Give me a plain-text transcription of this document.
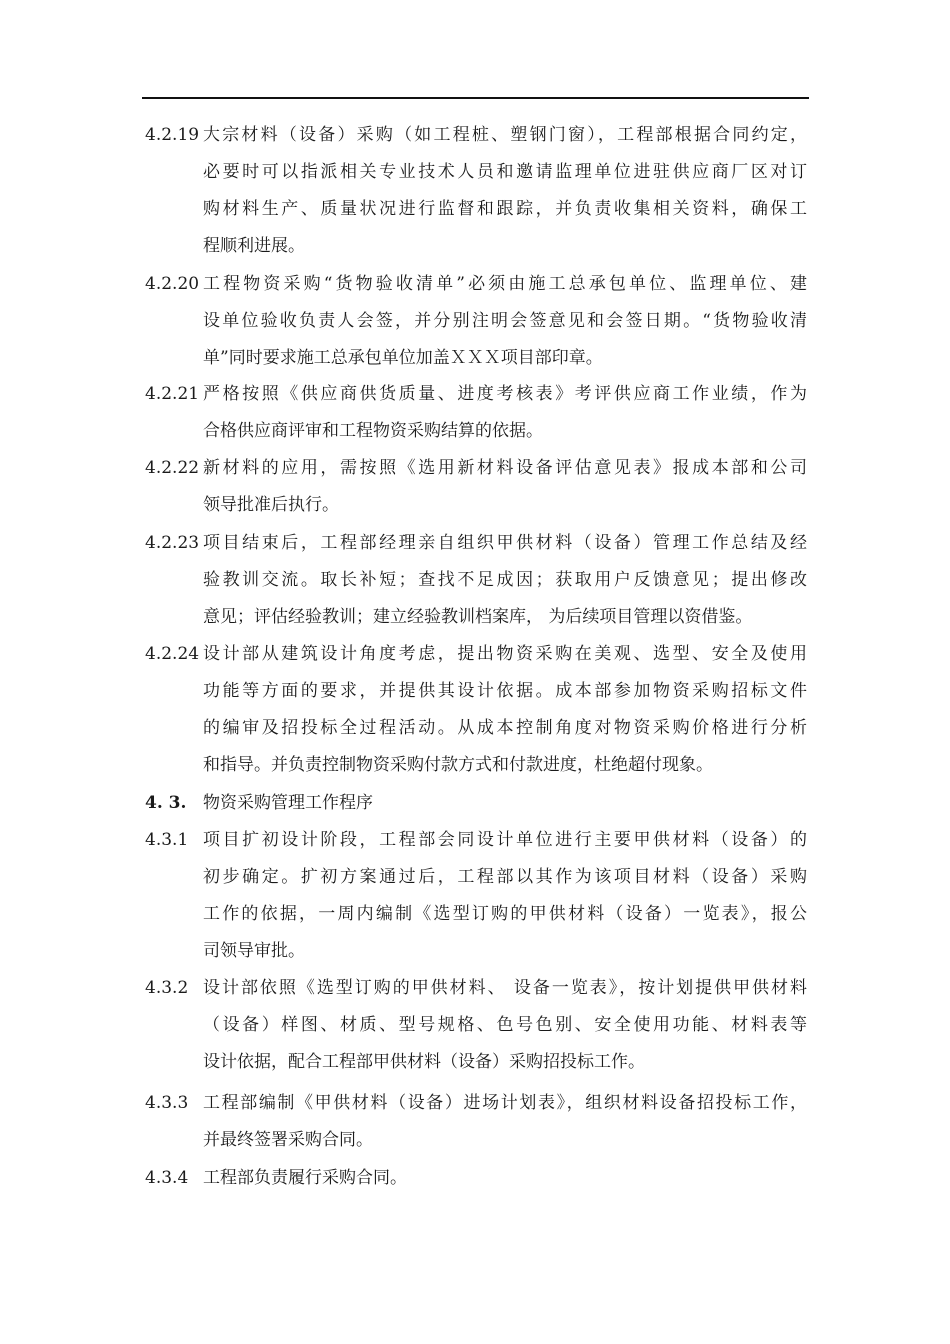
4.2.19 大宗材料（设备）采购（如工程桩、塑钢门窗），工程部根据合同约定，
必要时可以指派相关专业技术人员和邀请监理单位进驻供应商厂区对订
购材料生产、质量状况进行监督和跟踪，并负责收集相关资料，确保工
程顺利进展。

4.2.20 工程物资采购“货物验收清单”必须由施工总承包单位、监理单位、建
设单位验收负责人会签，并分别注明会签意见和会签日期。“货物验收清
单”同时要求施工总承包单位加盖ＸＸＸ项目部印章。

4.2.21 严格按照《供应商供货质量、进度考核表》考评供应商工作业绩，作为
合格供应商评审和工程物资采购结算的依据。

4.2.22 新材料的应用，需按照《选用新材料设备评估意见表》报成本部和公司
领导批准后执行。

4.2.23 项目结束后，工程部经理亲自组织甲供材料（设备）管理工作总结及经
验教训交流。取长补短；查找不足成因；获取用户反馈意见；提出修改
意见；评估经验教训；建立经验教训档案库， 为后续项目管理以资借鉴。

4.2.24 设计部从建筑设计角度考虑，提出物资采购在美观、选型、安全及使用
功能等方面的要求，并提供其设计依据。成本部参加物资采购招标文件
的编审及招投标全过程活动。从成本控制角度对物资采购价格进行分析
和指导。并负责控制物资采购付款方式和付款进度，杜绝超付现象。

4. 3. 物资采购管理工作程序

4.3.1 项目扩初设计阶段，工程部会同设计单位进行主要甲供材料（设备）的
初步确定。扩初方案通过后，工程部以其作为该项目材料（设备）采购
工作的依据，一周内编制《选型订购的甲供材料（设备）一览表》，报公
司领导审批。

4.3.2 设计部依照《选型订购的甲供材料、 设备一览表》，按计划提供甲供材料
（设备）样图、材质、型号规格、色号色别、安全使用功能、材料表等
设计依据，配合工程部甲供材料（设备）采购招投标工作。

4.3.3 工程部编制《甲供材料（设备）进场计划表》，组织材料设备招投标工作，
并最终签署采购合同。

4.3.4 工程部负责履行采购合同。
